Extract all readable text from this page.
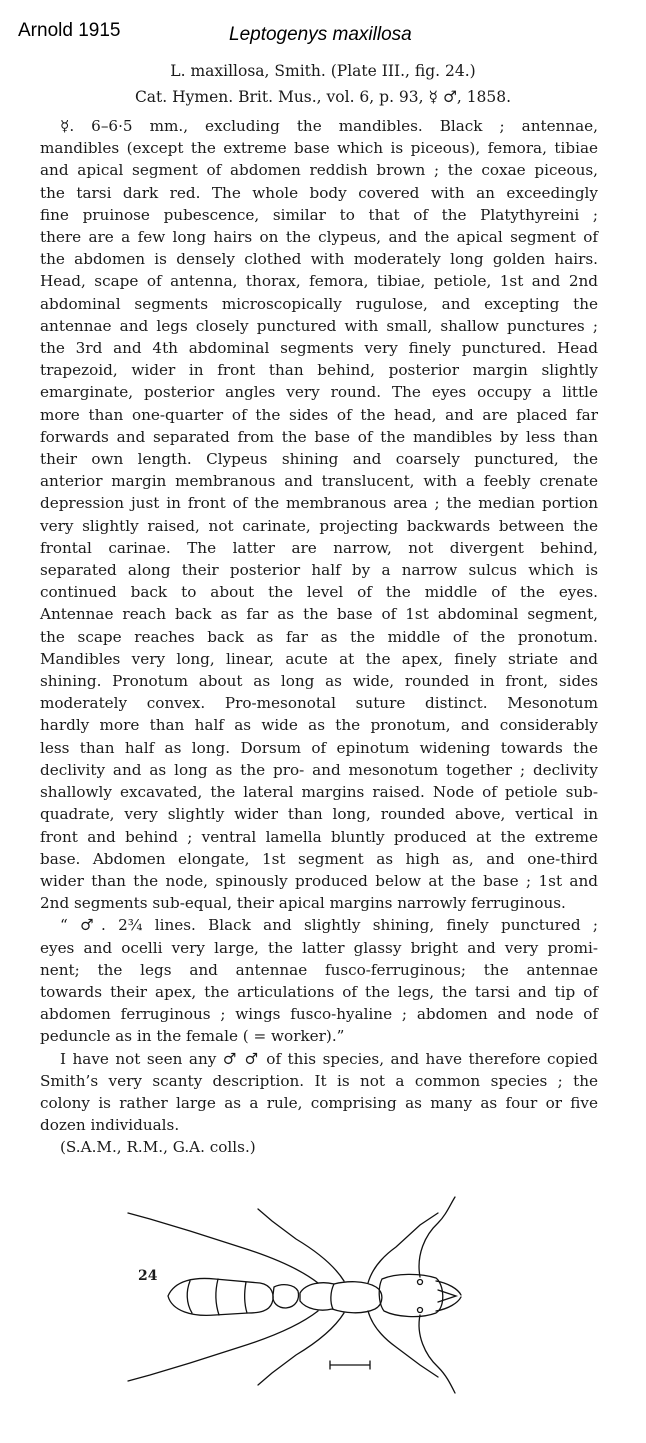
Arnold 1915	Leptogenys maxillosa
L. maxillosa, Smith. (Plate III., fig. 24.)
Cat. Hymen. Brit. Mus., vol. 6, p. 93, ☿ ♂, 1858.

☿. 6–6·5 mm., excluding the mandibles. Black ; antennae,
mandibles (except the extreme base which is piceous), femora, tibiae
and apical segment of abdomen reddish brown ; the coxae piceous,
the tarsi dark red. The whole body covered with an exceedingly
fine pruinose pubescence, similar to that of the Platythyreini ;
there are a few long hairs on the clypeus, and the apical segment of
the abdomen is densely clothed with moderately long golden hairs.
Head, scape of antenna, thorax, femora, tibiae, petiole, 1st and 2nd
abdominal segments microscopically rugulose, and excepting the
antennae and legs closely punctured with small, shallow punctures ;
the 3rd and 4th abdominal segments very finely punctured. Head
trapezoid, wider in front than behind, posterior margin slightly
emarginate, posterior angles very round. The eyes occupy a little
more than one-quarter of the sides of the head, and are placed far
forwards and separated from the base of the mandibles by less than
their own length. Clypeus shining and coarsely punctured, the
anterior margin membranous and translucent, with a feebly crenate
depression just in front of the membranous area ; the median portion
very slightly raised, not carinate, projecting backwards between the
frontal carinae. The latter are narrow, not divergent behind,
separated along their posterior half by a narrow sulcus which is
continued back to about the level of the middle of the eyes.
Antennae reach back as far as the base of 1st abdominal segment,
the scape reaches back as far as the middle of the pronotum.
Mandibles very long, linear, acute at the apex, finely striate and
shining. Pronotum about as long as wide, rounded in front, sides
moderately convex. Pro-mesonotal suture distinct. Mesonotum
hardly more than half as wide as the pronotum, and considerably
less than half as long. Dorsum of epinotum widening towards the
declivity and as long as the pro- and mesonotum together ; declivity
shallowly excavated, the lateral margins raised. Node of petiole sub-
quadrate, very slightly wider than long, rounded above, vertical in
front and behind ; ventral lamella bluntly produced at the extreme
base. Abdomen elongate, 1st segment as high as, and one-third
wider than the node, spinously produced below at the base ; 1st and
2nd segments sub-equal, their apical margins narrowly ferruginous.

“ ♂. 2¾ lines. Black and slightly shining, finely punctured ;
eyes and ocelli very large, the latter glassy bright and very promi-
nent; the legs and antennae fusco-ferruginous; the antennae
towards their apex, the articulations of the legs, the tarsi and tip of
abdomen ferruginous ; wings fusco-hyaline ; abdomen and node of
peduncle as in the female ( = worker).”

I have not seen any ♂ ♂ of this species, and have therefore copied
Smith’s very scanty description. It is not a common species ; the
colony is rather large as a rule, comprising as many as four or five
dozen individuals.

(S.A.M., R.M., G.A. colls.)

24
